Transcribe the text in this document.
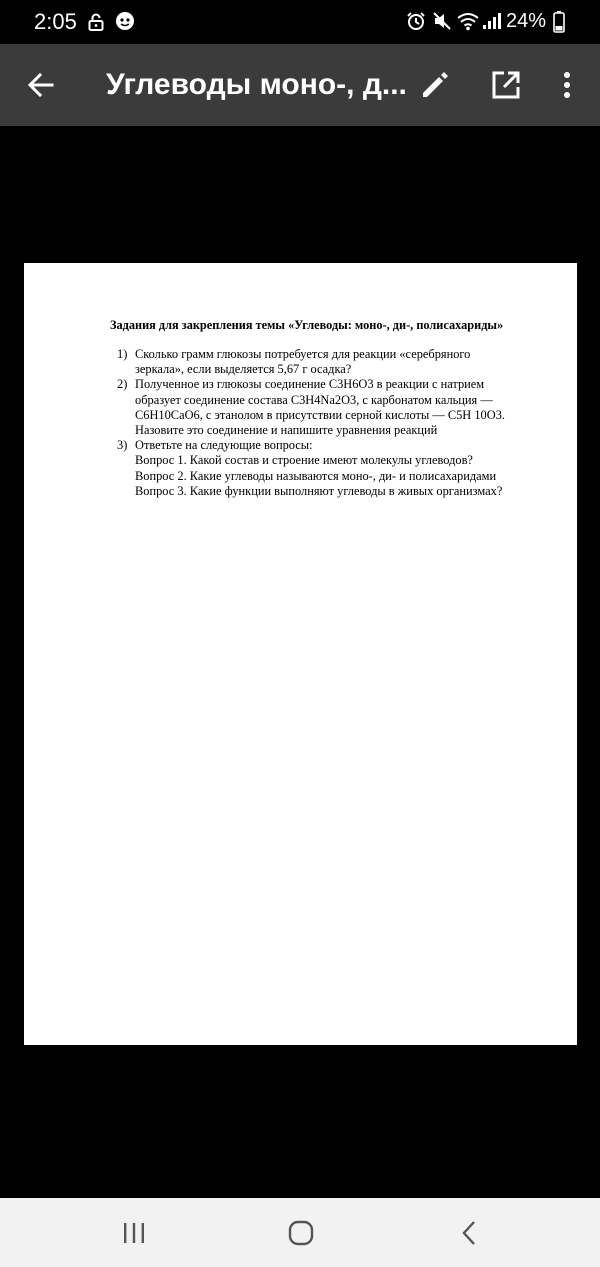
2:05	24%
Углеводы моно-, д...
Задания для закрепления темы «Углеводы: моно-, ди-, полисахариды»
1) Сколько грамм глюкозы потребуется для реакции «серебряного
зеркала», если выделяется 5,67 г осадка?
2) Полученное из глюкозы соединение С3Н6О3 в реакции с натрием
образует соединение состава С3Н4Na2О3, с карбонатом кальция —
С6Н10СаО6, с этанолом в присутствии серной кислоты — С5Н 10О3.
Назовите это соединение и напишите уравнения реакций
3) Ответьте на следующие вопросы:
Вопрос 1. Какой состав и строение имеют молекулы углеводов?
Вопрос 2. Какие углеводы называются моно-, ди- и полисахаридами
Вопрос 3. Какие функции выполняют углеводы в живых организмах?
